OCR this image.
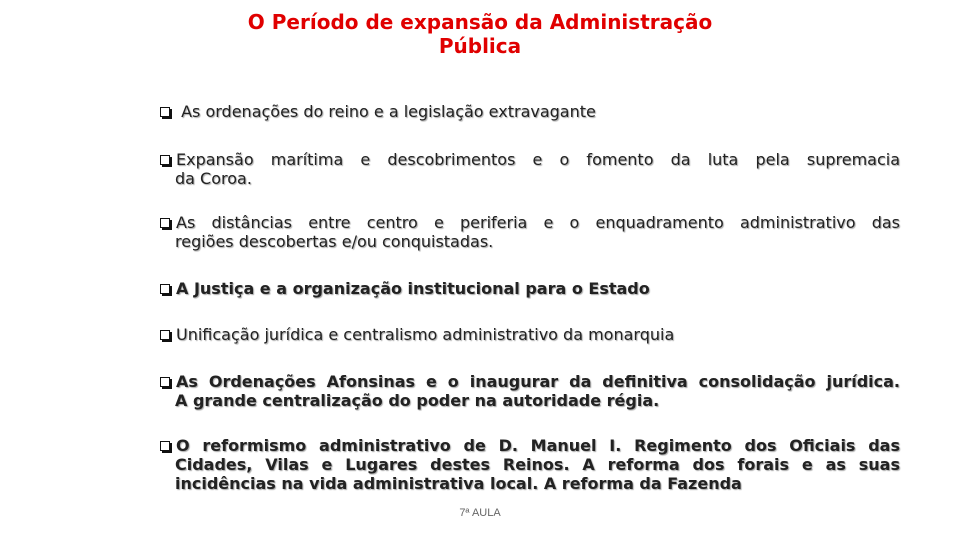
O Período de expansão da Administração
Pública
As ordenações do reino e a legislação extravagante
Expansão marítima e descobrimentos e o fomento da luta pela supremacia
da Coroa.
As distâncias entre centro e periferia e o enquadramento administrativo das
regiões descobertas e/ou conquistadas.
A Justiça e a organização institucional para o Estado
Unificação jurídica e centralismo administrativo da monarquia
As Ordenações Afonsinas e o inaugurar da definitiva consolidação jurídica.
A grande centralização do poder na autoridade régia.
O reformismo administrativo de D. Manuel I. Regimento dos Oficiais das
Cidades, Vilas e Lugares destes Reinos. A reforma dos forais e as suas
incidências na vida administrativa local. A reforma da Fazenda
7ª AULA
